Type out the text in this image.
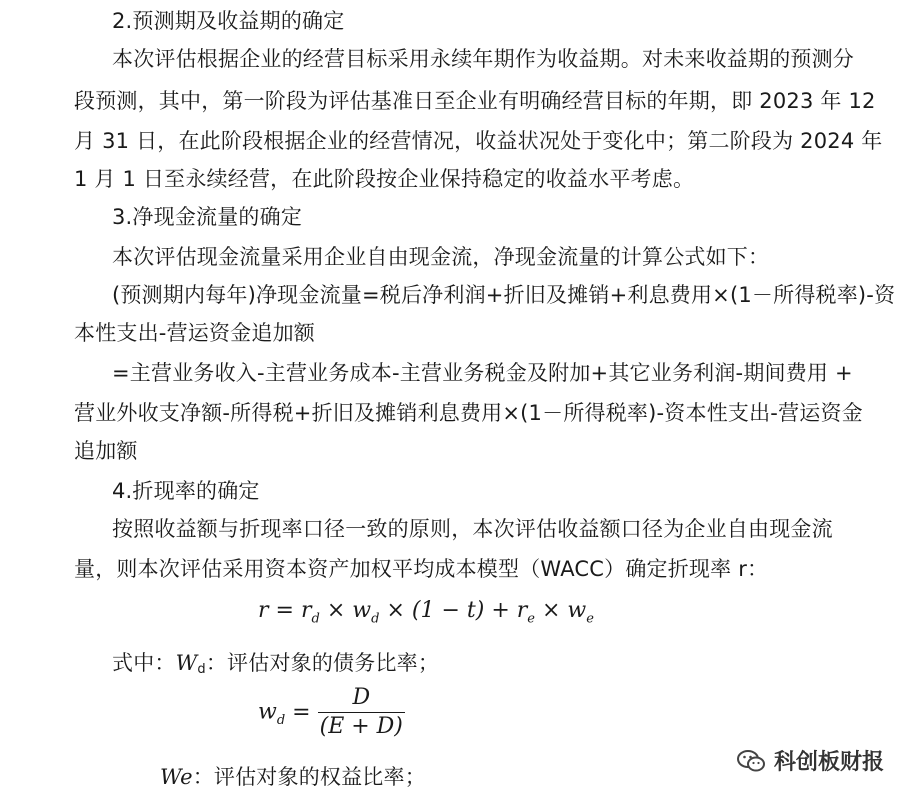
2.预测期及收益期的确定
本次评估根据企业的经营目标采用永续年期作为收益期。对未来收益期的预测分
段预测，其中，第一阶段为评估基准日至企业有明确经营目标的年期，即 2023 年 12
月 31 日，在此阶段根据企业的经营情况，收益状况处于变化中；第二阶段为 2024 年
1 月 1 日至永续经营，在此阶段按企业保持稳定的收益水平考虑。
3.净现金流量的确定
本次评估现金流量采用企业自由现金流，净现金流量的计算公式如下：
(预测期内每年)净现金流量=税后净利润+折旧及摊销+利息费用×(1－所得税率)-资
本性支出-营运资金追加额
=主营业务收入-主营业务成本-主营业务税金及附加+其它业务利润-期间费用 +
营业外收支净额-所得税+折旧及摊销利息费用×(1－所得税率)-资本性支出-营运资金
追加额
4.折现率的确定
按照收益额与折现率口径一致的原则，本次评估收益额口径为企业自由现金流
量，则本次评估采用资本资产加权平均成本模型（WACC）确定折现率 r：
$r = r_d \times w_d \times (1 - t) + r_e \times w_e$
式中：$W_d$：评估对象的债务比率；
$w_d = \frac{D}{(E + D)}$
We：评估对象的权益比率；
科创板财报
